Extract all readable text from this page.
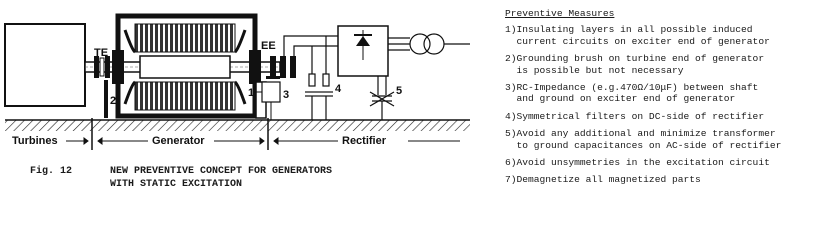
TE
EE
Turbines	Generator	Rectifier
1
2	3	4	5
Fig. 12	NEW PREVENTIVE CONCEPT FOR GENERATORS
WITH STATIC EXCITATION
Preventive Measures
1) Insulating layers in all possible induced
current circuits on exciter end of generator
2) Grounding brush on turbine end of generator
is possible but not necessary
3) RC-Impedance (e.g.470Ω/10μF) between shaft
and ground on exciter end of generator
4) Symmetrical filters on DC-side of rectifier
5) Avoid any additional and minimize transformer
to ground capacitances on AC-side of rectifier
6) Avoid unsymmetries in the excitation circuit
7) Demagnetize all magnetized parts
